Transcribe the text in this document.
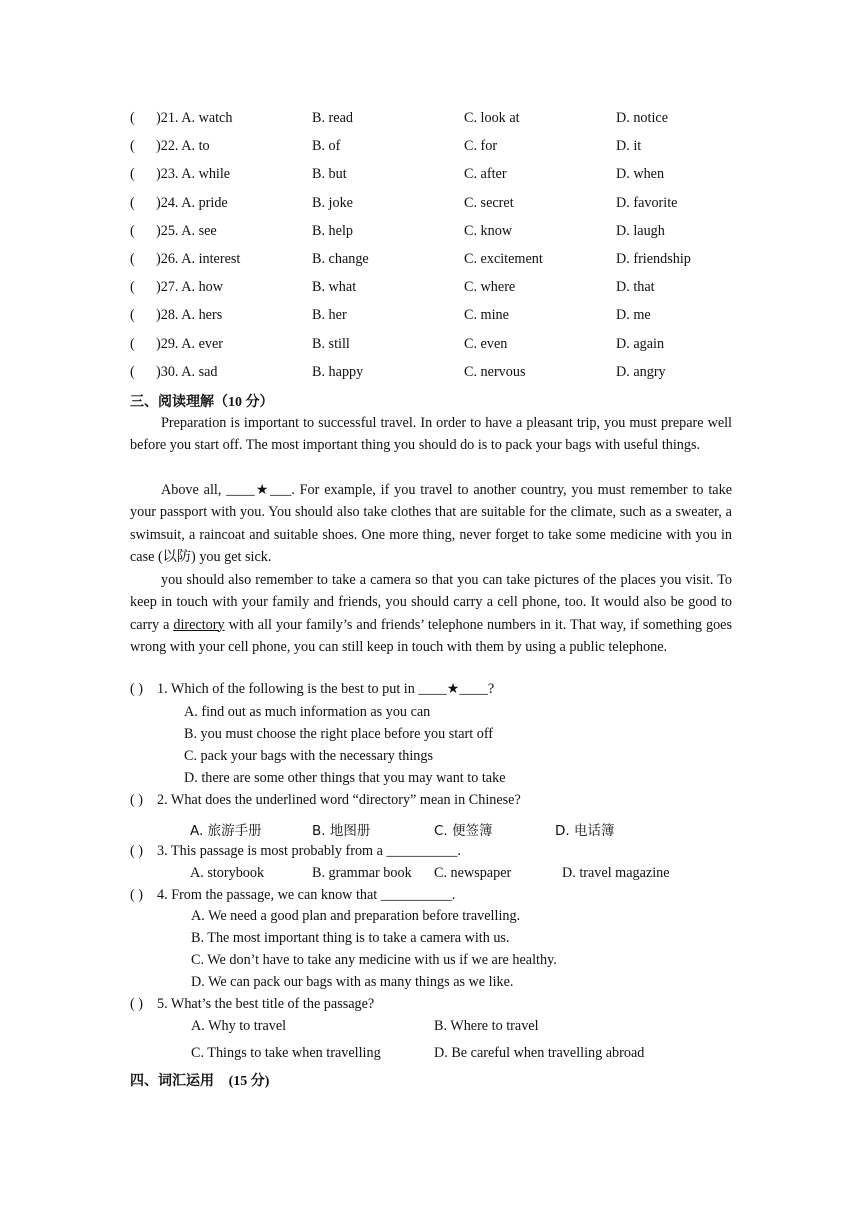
( )21. A. watch	B. read	C. look at	D. notice
( )22. A. to	B. of	C. for	D. it
( )23. A. while	B. but	C. after	D. when
( )24. A. pride	B. joke	C. secret	D. favorite
( )25. A. see	B. help	C. know	D. laugh
( )26. A. interest	B. change	C. excitement	D. friendship
( )27. A. how	B. what	C. where	D. that
( )28. A. hers	B. her	C. mine	D. me
( )29. A. ever	B. still	C. even	D. again
( )30. A. sad	B. happy	C. nervous	D. angry
三、阅读理解（10 分）
Preparation is important to successful travel. In order to have a pleasant trip, you must prepare well before you start off. The most important thing you should do is to pack your bags with useful things.
Above all, ____★___. For example, if you travel to another country, you must remember to take your passport with you. You should also take clothes that are suitable for the climate, such as a sweater, a swimsuit, a raincoat and suitable shoes. One more thing, never forget to take some medicine with you in case (以防) you get sick.
you should also remember to take a camera so that you can take pictures of the places you visit. To keep in touch with your family and friends, you should carry a cell phone, too. It would also be good to carry a directory with all your family’s and friends’ telephone numbers in it. That way, if something goes wrong with your cell phone, you can still keep in touch with them by using a public telephone.
( ) 1. Which of the following is the best to put in ____★____?
A. find out as much information as you can
B. you must choose the right place before you start off
C. pack your bags with the necessary things
D. there are some other things that you may want to take
( ) 2. What does the underlined word “directory” mean in Chinese?
A. 旅游手册	B. 地图册	C. 便签簿	D. 电话簿
( ) 3. This passage is most probably from a __________.
A. storybook	B. grammar book C. newspaper	D. travel magazine
( ) 4. From the passage, we can know that __________.
A. We need a good plan and preparation before travelling.
B. The most important thing is to take a camera with us.
C. We don’t have to take any medicine with us if we are healthy.
D. We can pack our bags with as many things as we like.
( ) 5. What’s the best title of the passage?
A. Why to travel	B. Where to travel
C. Things to take when travelling	D. Be careful when travelling abroad
四、词汇运用 (15 分)
